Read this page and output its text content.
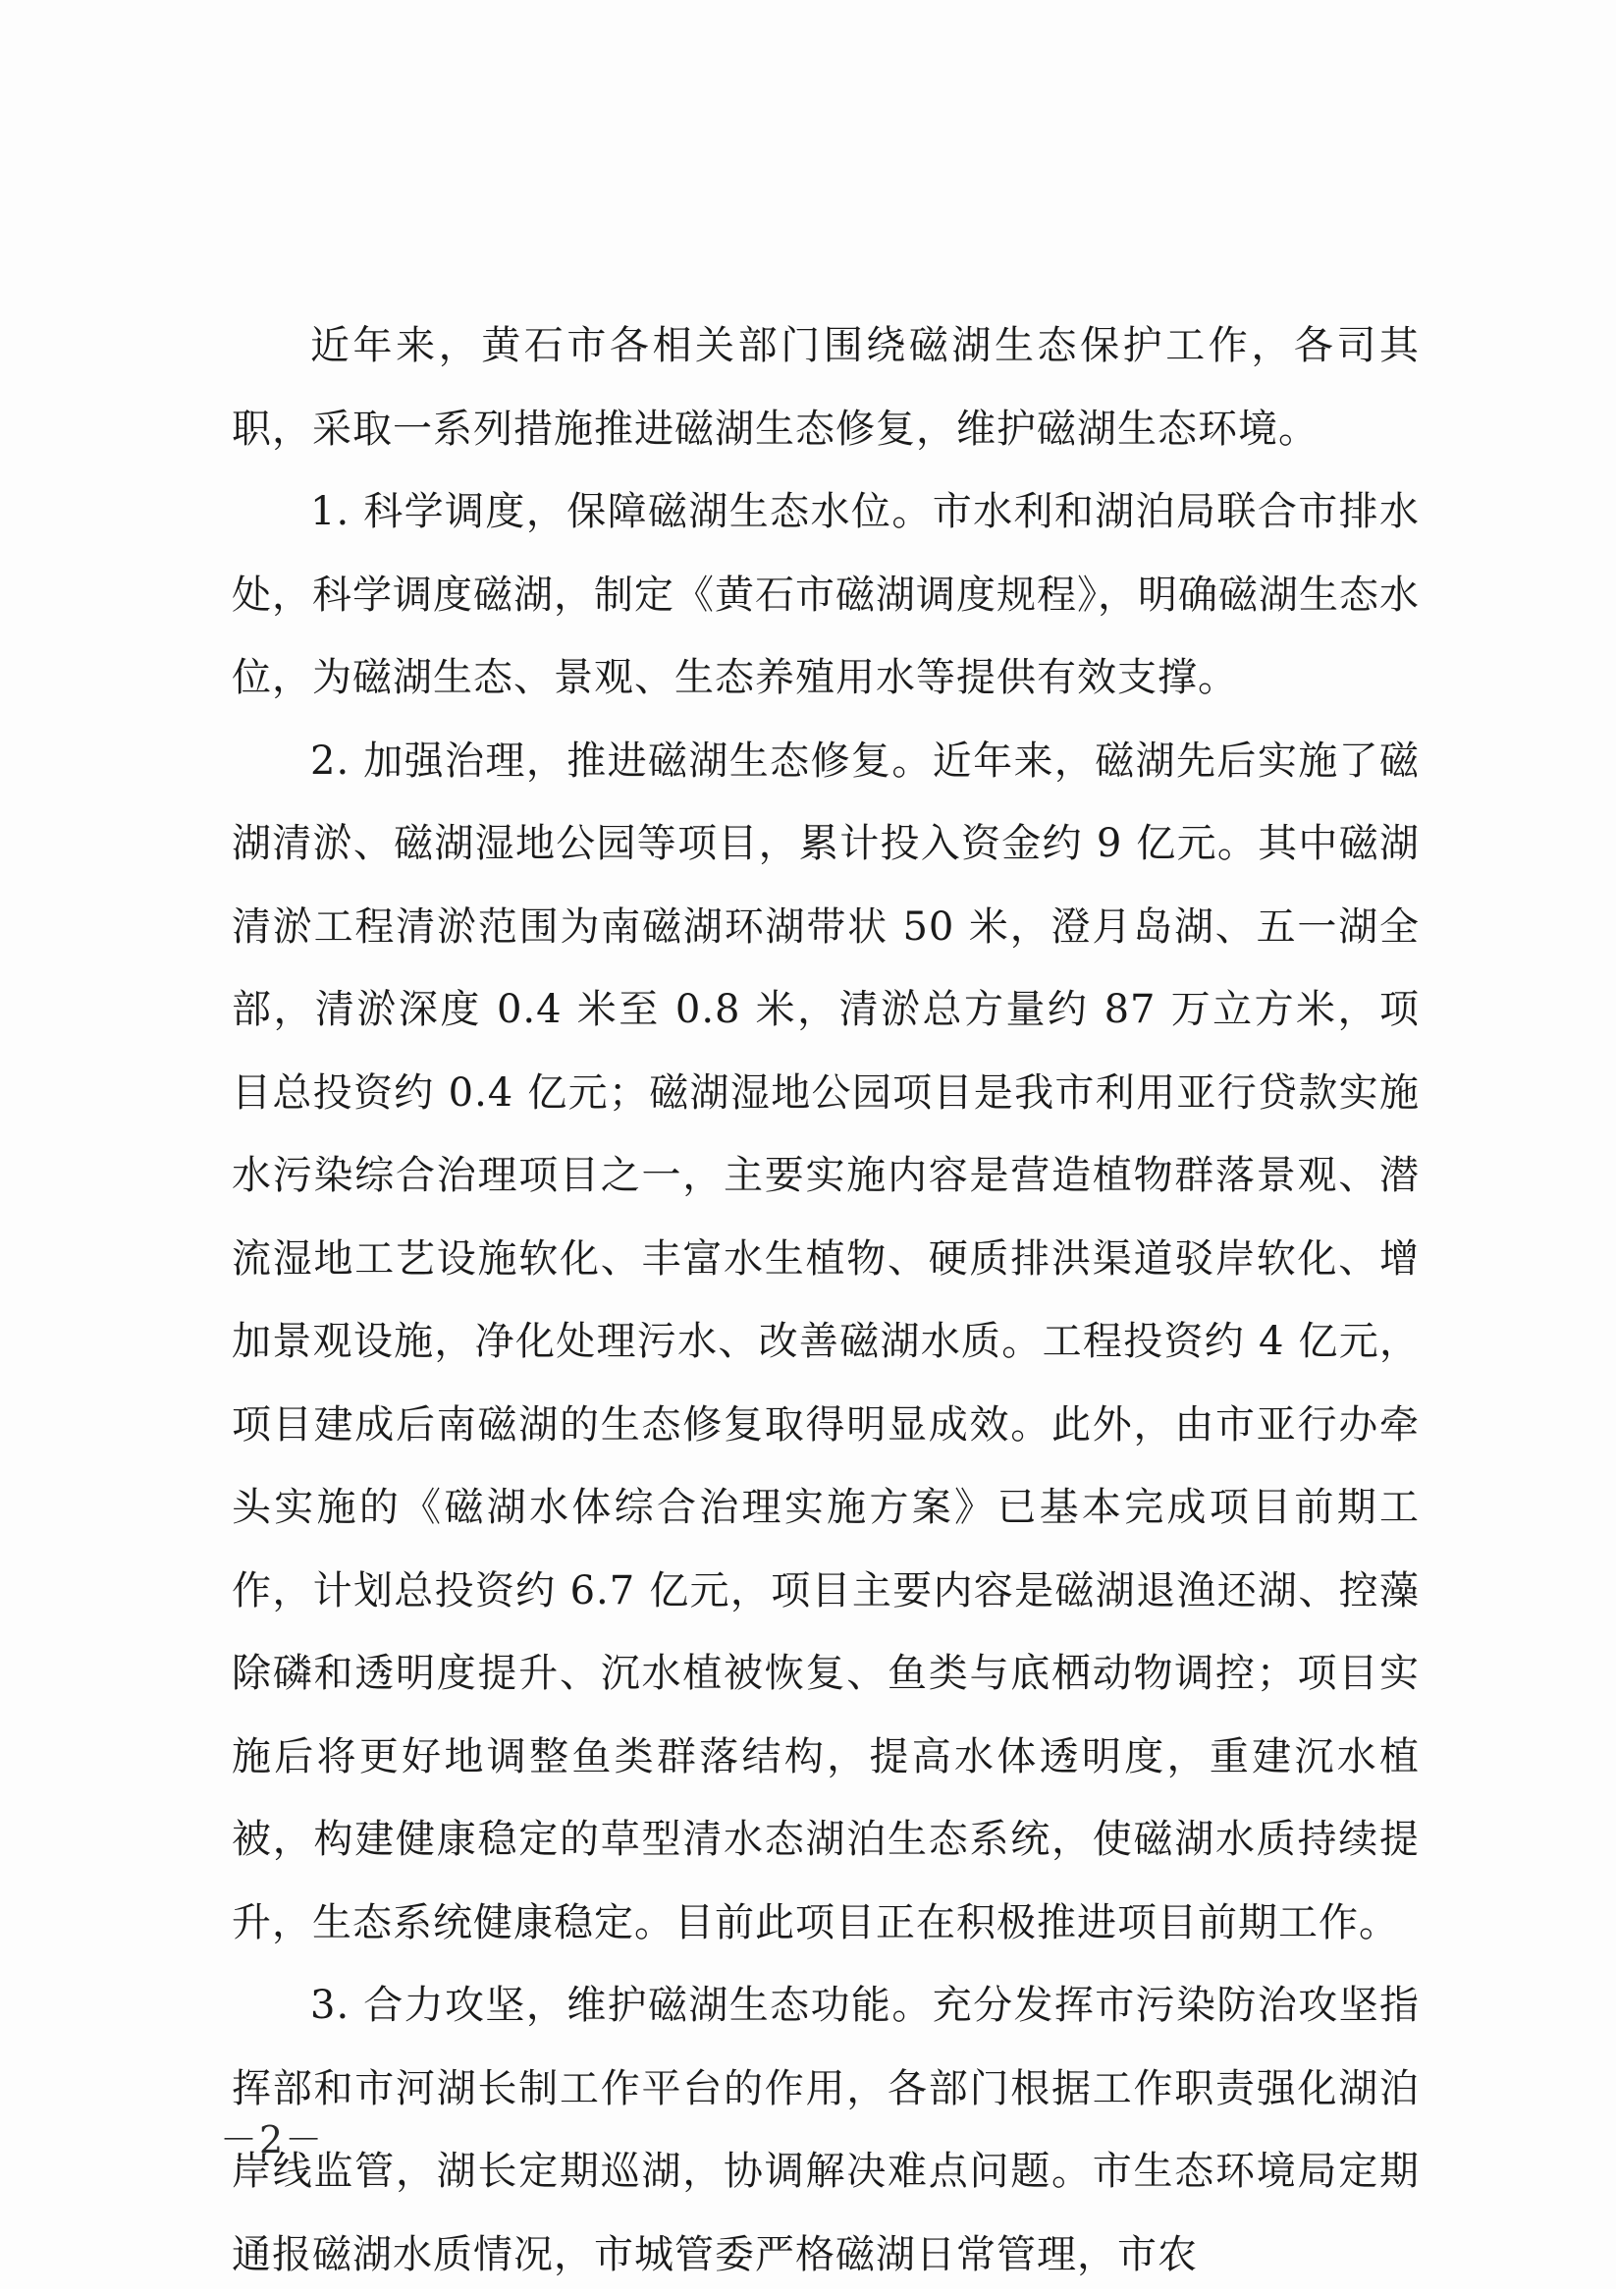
近年来，黄石市各相关部门围绕磁湖生态保护工作，各司其职，采取一系列措施推进磁湖生态修复，维护磁湖生态环境。

1. 科学调度，保障磁湖生态水位。市水利和湖泊局联合市排水处，科学调度磁湖，制定《黄石市磁湖调度规程》，明确磁湖生态水位，为磁湖生态、景观、生态养殖用水等提供有效支撑。

2. 加强治理，推进磁湖生态修复。近年来，磁湖先后实施了磁湖清淤、磁湖湿地公园等项目，累计投入资金约 9 亿元。其中磁湖清淤工程清淤范围为南磁湖环湖带状 50 米，澄月岛湖、五一湖全部，清淤深度 0.4 米至 0.8 米，清淤总方量约 87 万立方米，项目总投资约 0.4 亿元；磁湖湿地公园项目是我市利用亚行贷款实施水污染综合治理项目之一，主要实施内容是营造植物群落景观、潜流湿地工艺设施软化、丰富水生植物、硬质排洪渠道驳岸软化、增加景观设施，净化处理污水、改善磁湖水质。工程投资约 4 亿元，项目建成后南磁湖的生态修复取得明显成效。此外，由市亚行办牵头实施的《磁湖水体综合治理实施方案》已基本完成项目前期工作，计划总投资约 6.7 亿元，项目主要内容是磁湖退渔还湖、控藻除磷和透明度提升、沉水植被恢复、鱼类与底栖动物调控；项目实施后将更好地调整鱼类群落结构，提高水体透明度，重建沉水植被，构建健康稳定的草型清水态湖泊生态系统，使磁湖水质持续提升，生态系统健康稳定。目前此项目正在积极推进项目前期工作。

3. 合力攻坚，维护磁湖生态功能。充分发挥市污染防治攻坚指挥部和市河湖长制工作平台的作用，各部门根据工作职责强化湖泊岸线监管，湖长定期巡湖，协调解决难点问题。市生态环境局定期通报磁湖水质情况，市城管委严格磁湖日常管理，市农

－2－
